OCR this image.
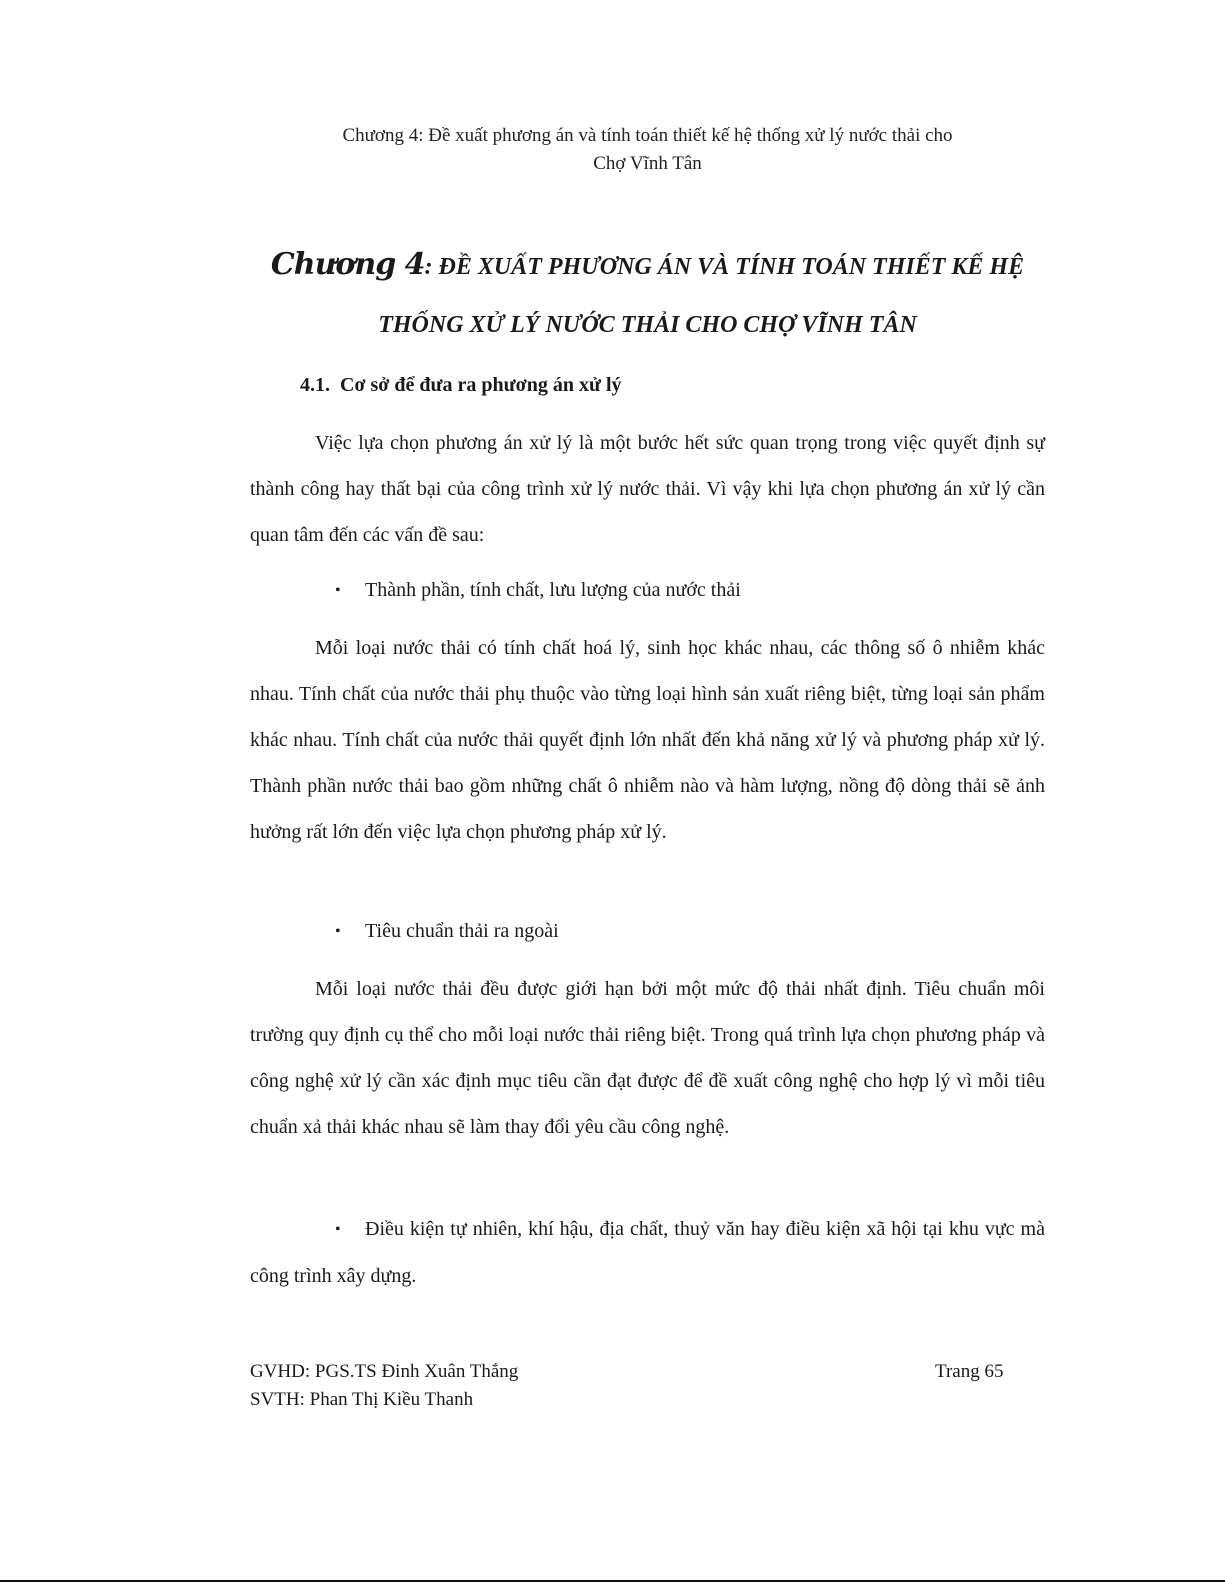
Chương 4: Đề xuất phương án và tính toán thiết kế hệ thống xử lý nước thải cho
Chợ Vĩnh Tân
Chương 4: ĐỀ XUẤT PHƯƠNG ÁN VÀ TÍNH TOÁN THIẾT KẾ HỆ
THỐNG XỬ LÝ NƯỚC THẢI CHO CHỢ VĨNH TÂN
4.1. Cơ sở để đưa ra phương án xử lý
Việc lựa chọn phương án xử lý là một bước hết sức quan trọng trong việc quyết định sự thành công hay thất bại của công trình xử lý nước thải. Vì vậy khi lựa chọn phương án xử lý cần quan tâm đến các vấn đề sau:
• Thành phần, tính chất, lưu lượng của nước thải
Mỗi loại nước thải có tính chất hoá lý, sinh học khác nhau, các thông số ô nhiễm khác nhau. Tính chất của nước thải phụ thuộc vào từng loại hình sản xuất riêng biệt, từng loại sản phẩm khác nhau. Tính chất của nước thải quyết định lớn nhất đến khả năng xử lý và phương pháp xử lý. Thành phần nước thải bao gồm những chất ô nhiễm nào và hàm lượng, nồng độ dòng thải sẽ ảnh hưởng rất lớn đến việc lựa chọn phương pháp xử lý.
• Tiêu chuẩn thải ra ngoài
Mỗi loại nước thải đều được giới hạn bởi một mức độ thải nhất định. Tiêu chuẩn môi trường quy định cụ thể cho mỗi loại nước thải riêng biệt. Trong quá trình lựa chọn phương pháp và công nghệ xử lý cần xác định mục tiêu cần đạt được để đề xuất công nghệ cho hợp lý vì mỗi tiêu chuẩn xả thải khác nhau sẽ làm thay đổi yêu cầu công nghệ.
• Điều kiện tự nhiên, khí hậu, địa chất, thuỷ văn hay điều kiện xã hội tại khu vực mà công trình xây dựng.
GVHD: PGS.TS Đinh Xuân Thắng
SVTH: Phan Thị Kiều Thanh
Trang 65
